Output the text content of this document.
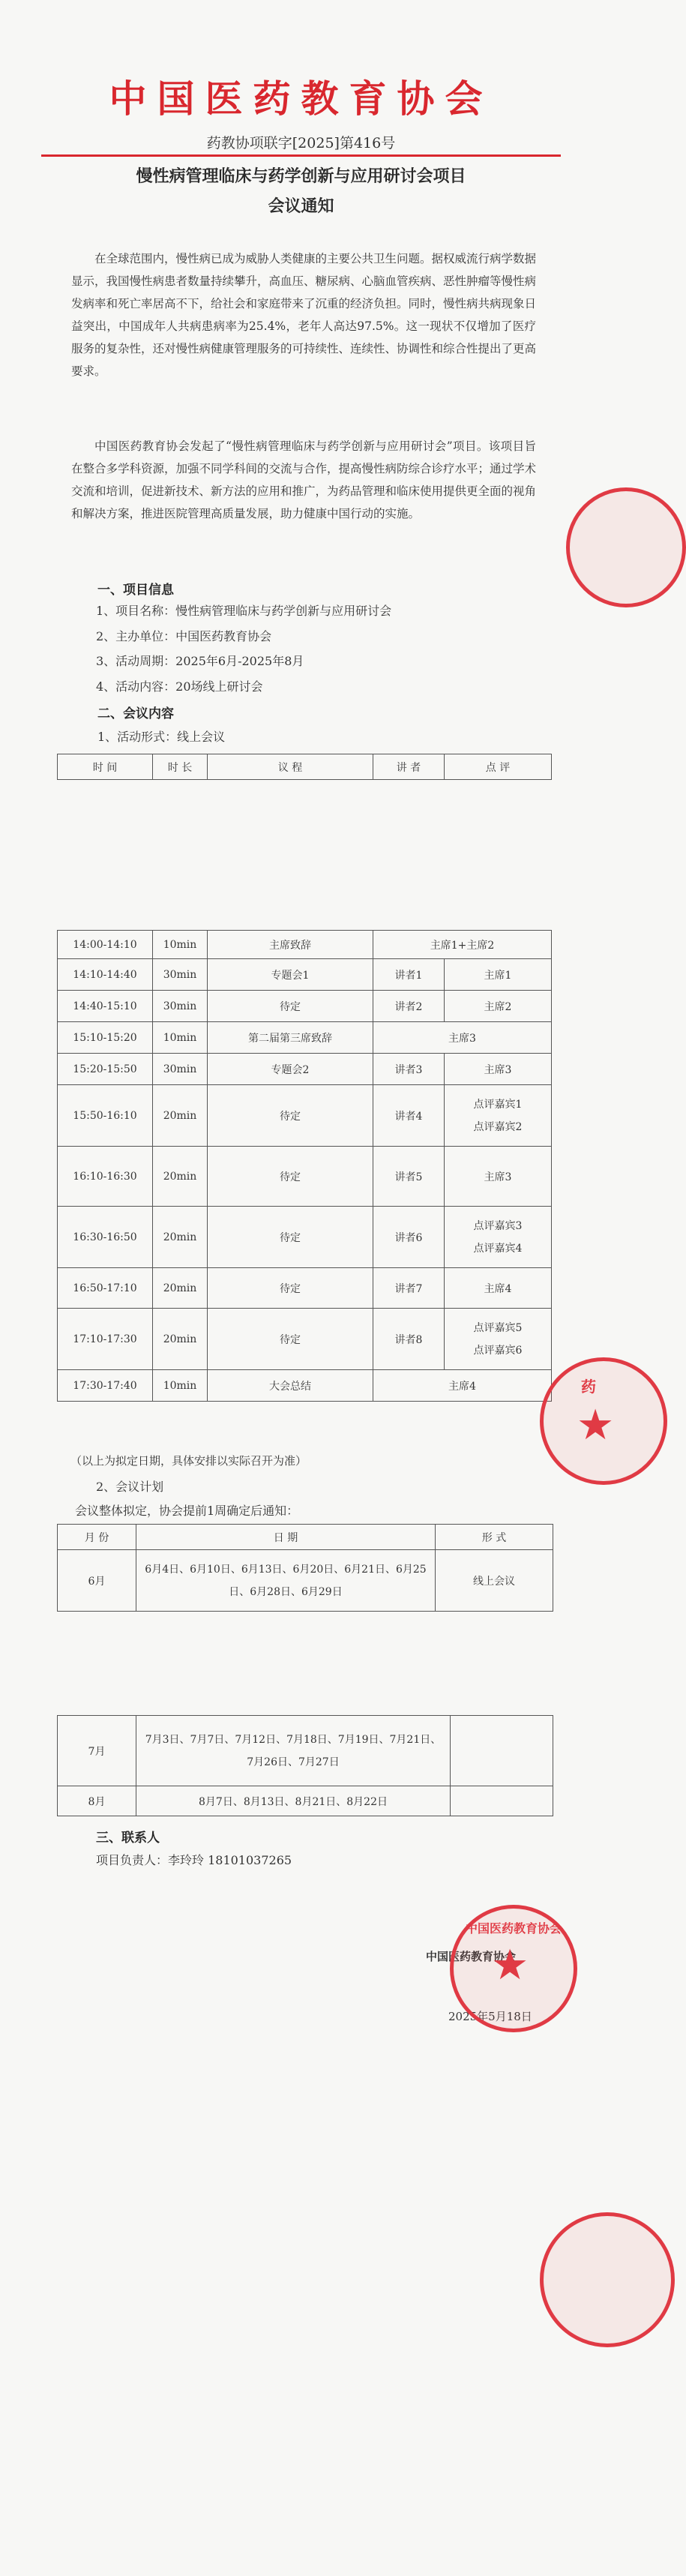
中国医药教育协会
药教协项联字[2025]第416号
慢性病管理临床与药学创新与应用研讨会项目
会议通知
在全球范围内，慢性病已成为威胁人类健康的主要公共卫生问题。据权威流行病学数据显示，我国慢性病患者数量持续攀升，高血压、糖尿病、心脑血管疾病、恶性肿瘤等慢性病发病率和死亡率居高不下，给社会和家庭带来了沉重的经济负担。同时，慢性病共病现象日益突出，中国成年人共病患病率为25.4%，老年人高达97.5%。这一现状不仅增加了医疗服务的复杂性，还对慢性病健康管理服务的可持续性、连续性、协调性和综合性提出了更高要求。
中国医药教育协会发起了“慢性病管理临床与药学创新与应用研讨会”项目。该项目旨在整合多学科资源，加强不同学科间的交流与合作，提高慢性病防综合诊疗水平；通过学术交流和培训，促进新技术、新方法的应用和推广，为药品管理和临床使用提供更全面的视角和解决方案，推进医院管理高质量发展，助力健康中国行动的实施。
一、项目信息
1、项目名称：慢性病管理临床与药学创新与应用研讨会
2、主办单位：中国医药教育协会
3、活动周期：2025年6月-2025年8月
4、活动内容：20场线上研讨会
二、会议内容
1、活动形式：线上会议
时 间	时 长	议 程	讲 者	点 评
14:00-14:10	10min	主席致辞	主席1+主席2	
14:10-14:40	30min	专题会1	讲者1	主席1
14:40-15:10	30min	待定	讲者2	主席2
15:10-15:20	10min	第二届第三席致辞	主席3	
15:20-15:50	30min	专题会2	讲者3	主席3
15:50-16:10	20min	待定	讲者4	点评嘉宾1
点评嘉宾2

16:10-16:30	20min	待定	讲者5	主席3
16:30-16:50	20min	待定	讲者6	点评嘉宾3
点评嘉宾4

16:50-17:10	20min	待定	讲者7	主席4
17:10-17:30	20min	待定	讲者8	点评嘉宾5
点评嘉宾6

17:30-17:40	10min	大会总结	主席4	
（以上为拟定日期，具体安排以实际召开为准）
2、会议计划
会议整体拟定，协会提前1周确定后通知：
月 份	日 期	形 式
6月	6月4日、6月10日、6月13日、6月20日、6月21日、6月25日、6月28日、6月29日	线上会议
7月	7月3日、7月7日、7月12日、7月18日、7月19日、7月21日、7月26日、7月27日	
8月	8月7日、8月13日、8月21日、8月22日	
三、联系人
项目负责人：李玲玲 18101037265
中国医药教育协会
2025年5月18日
★
中国医药教育协会
药
★
